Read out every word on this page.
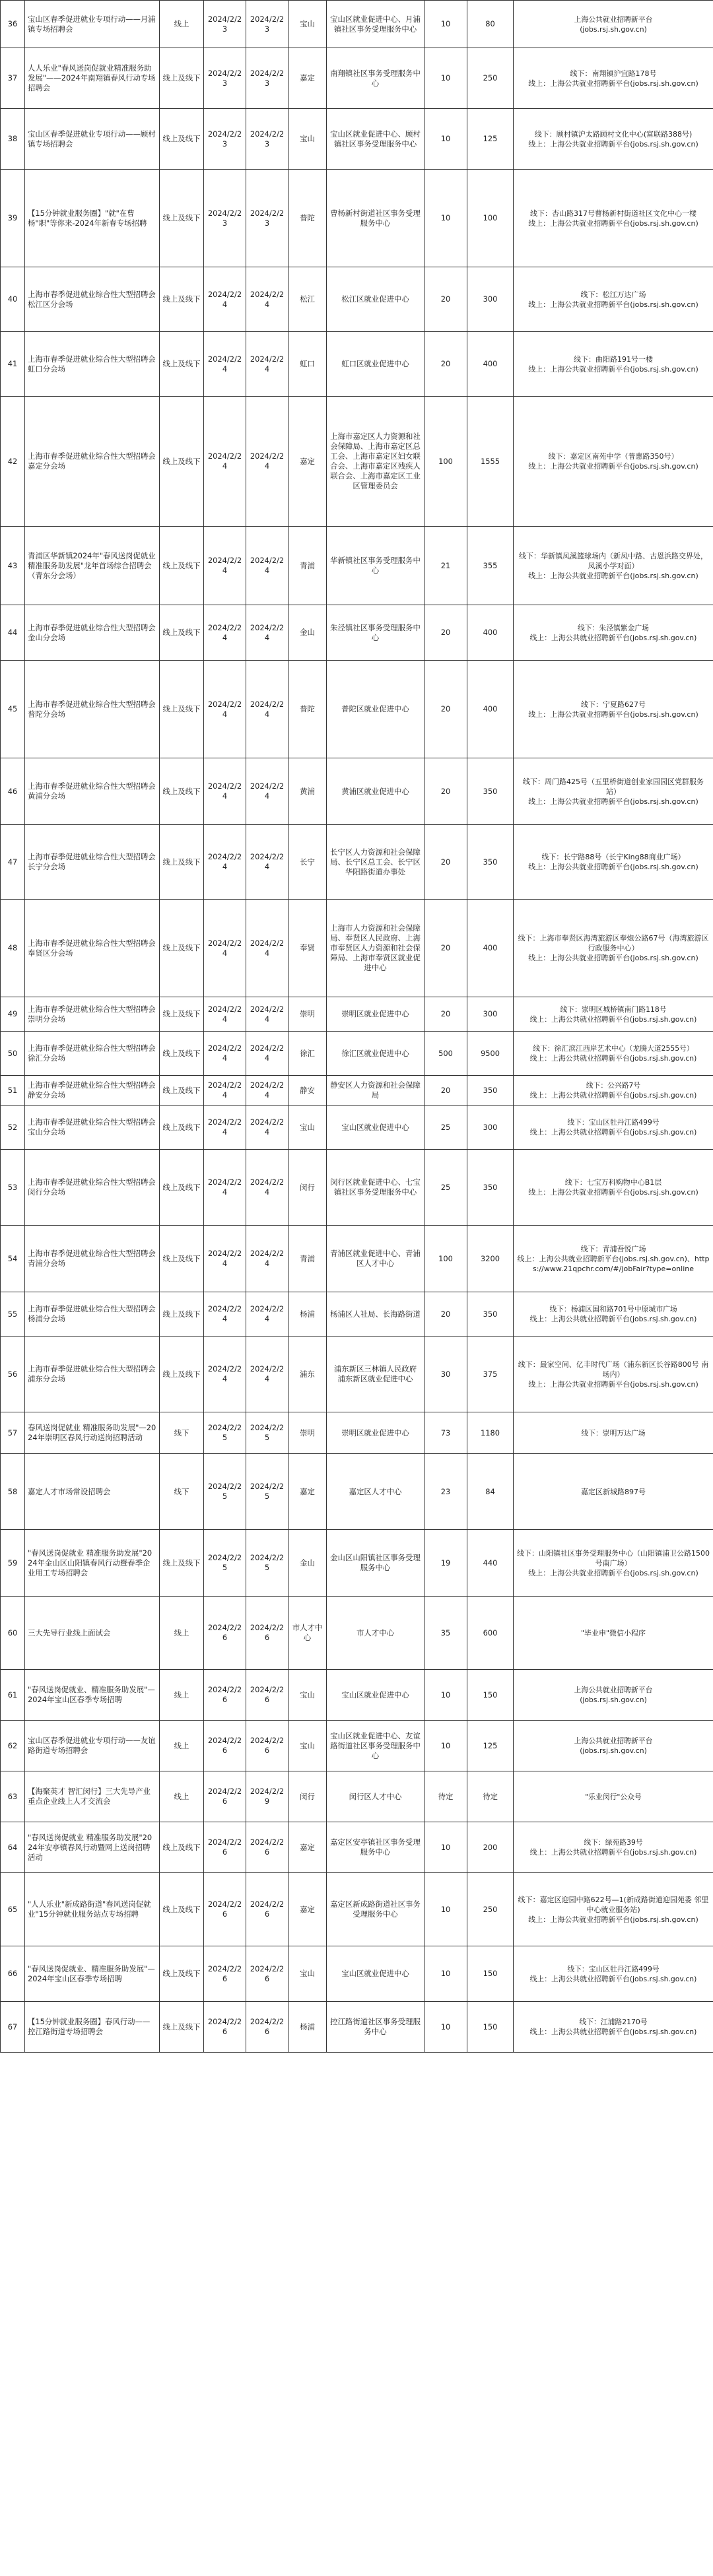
36	宝山区春季促进就业专项行动——月浦镇专场招聘会	线上	2024/2/23	2024/2/23	宝山	宝山区就业促进中心、月浦镇社区事务受理服务中心	10	80	上海公共就业招聘新平台
(jobs.rsj.sh.gov.cn)
37	人人乐业"春风送岗促就业精准服务助发展"——2024年南翔镇春风行动专场招聘会	线上及线下	2024/2/23	2024/2/23	嘉定	南翔镇社区事务受理服务中心	10	250	线下：南翔镇沪宜路178号
线上：上海公共就业招聘新平台(jobs.rsj.sh.gov.cn)
38	宝山区春季促进就业专项行动——顾村镇专场招聘会	线上及线下	2024/2/23	2024/2/23	宝山	宝山区就业促进中心、顾村镇社区事务受理服务中心	10	125	线下：顾村镇沪太路顾村文化中心(富联路388号)
线上：上海公共就业招聘新平台(jobs.rsj.sh.gov.cn)
39	【15分钟就业服务圈】"就"在曹杨"职"等你来-2024年新春专场招聘	线上及线下	2024/2/23	2024/2/23	普陀	曹杨新村街道社区事务受理服务中心	10	100	线下：杏山路317号曹杨新村街道社区文化中心一楼
线上：上海公共就业招聘新平台(jobs.rsj.sh.gov.cn)
40	上海市春季促进就业综合性大型招聘会松江区分会场	线上及线下	2024/2/24	2024/2/24	松江	松江区就业促进中心	20	300	线下：松江万达广场
线上：上海公共就业招聘新平台(jobs.rsj.sh.gov.cn)
41	上海市春季促进就业综合性大型招聘会虹口分会场	线上及线下	2024/2/24	2024/2/24	虹口	虹口区就业促进中心	20	400	线下：曲阳路191号一楼
线上：上海公共就业招聘新平台(jobs.rsj.sh.gov.cn)
42	上海市春季促进就业综合性大型招聘会嘉定分会场	线上及线下	2024/2/24	2024/2/24	嘉定	上海市嘉定区人力资源和社会保障局、上海市嘉定区总工会、上海市嘉定区妇女联合会、上海市嘉定区残疾人联合会、上海市嘉定区工业区管理委员会	100	1555	线下：嘉定区南苑中学（普惠路350号）
线上：上海公共就业招聘新平台(jobs.rsj.sh.gov.cn)
43	青浦区华新镇2024年"春风送岗促就业 精准服务助发展"龙年首场综合招聘会（青东分会场）	线上及线下	2024/2/24	2024/2/24	青浦	华新镇社区事务受理服务中心	21	355	线下：华新镇凤溪篮球场内（新凤中路、古恩浜路交界处，凤溪小学对面）
线上：上海公共就业招聘新平台(jobs.rsj.sh.gov.cn)
44	上海市春季促进就业综合性大型招聘会金山分会场	线上及线下	2024/2/24	2024/2/24	金山	朱泾镇社区事务受理服务中心	20	400	线下：朱泾镇紫金广场
线上：上海公共就业招聘新平台(jobs.rsj.sh.gov.cn)
45	上海市春季促进就业综合性大型招聘会普陀分会场	线上及线下	2024/2/24	2024/2/24	普陀	普陀区就业促进中心	20	400	线下：宁夏路627号
线上：上海公共就业招聘新平台(jobs.rsj.sh.gov.cn)
46	上海市春季促进就业综合性大型招聘会黄浦分会场	线上及线下	2024/2/24	2024/2/24	黄浦	黄浦区就业促进中心	20	350	线下：周门路425号（五里桥街道创业家园园区党群服务站）
线上：上海公共就业招聘新平台(jobs.rsj.sh.gov.cn)
47	上海市春季促进就业综合性大型招聘会长宁分会场	线上及线下	2024/2/24	2024/2/24	长宁	长宁区人力资源和社会保障局、长宁区总工会、长宁区华阳路街道办事处	20	350	线下：长宁路88号（长宁King88商业广场）
线上：上海公共就业招聘新平台(jobs.rsj.sh.gov.cn)
48	上海市春季促进就业综合性大型招聘会奉贤区分会场	线上及线下	2024/2/24	2024/2/24	奉贤	上海市人力资源和社会保障局、奉贤区人民政府、上海市奉贤区人力资源和社会保障局、上海市奉贤区就业促进中心	20	400	线下：上海市奉贤区海湾旅游区奉炮公路67号（海湾旅游区行政服务中心）
线上：上海公共就业招聘新平台(jobs.rsj.sh.gov.cn)
49	上海市春季促进就业综合性大型招聘会崇明分会场	线上及线下	2024/2/24	2024/2/24	崇明	崇明区就业促进中心	20	300	线下：崇明区城桥镇南门路118号
线上：上海公共就业招聘新平台(jobs.rsj.sh.gov.cn)
50	上海市春季促进就业综合性大型招聘会徐汇分会场	线上及线下	2024/2/24	2024/2/24	徐汇	徐汇区就业促进中心	500	9500	线下：徐汇滨江西岸艺术中心（龙腾大道2555号）
线上：上海公共就业招聘新平台(jobs.rsj.sh.gov.cn)
51	上海市春季促进就业综合性大型招聘会静安分会场	线上及线下	2024/2/24	2024/2/24	静安	静安区人力资源和社会保障局	20	350	线下：公兴路7号
线上：上海公共就业招聘新平台(jobs.rsj.sh.gov.cn)
52	上海市春季促进就业综合性大型招聘会宝山分会场	线上及线下	2024/2/24	2024/2/24	宝山	宝山区就业促进中心	25	300	线下：宝山区牡丹江路499号
线上：上海公共就业招聘新平台(jobs.rsj.sh.gov.cn)
53	上海市春季促进就业综合性大型招聘会闵行分会场	线上及线下	2024/2/24	2024/2/24	闵行	闵行区就业促进中心、七宝镇社区事务受理服务中心	25	350	线下：七宝万科购物中心B1层
线上：上海公共就业招聘新平台(jobs.rsj.sh.gov.cn)
54	上海市春季促进就业综合性大型招聘会青浦分会场	线上及线下	2024/2/24	2024/2/24	青浦	青浦区就业促进中心、青浦区人才中心	100	3200	线下：青浦吾悦广场
线上：上海公共就业招聘新平台(jobs.rsj.sh.gov.cn)、https://www.21qpchr.com/#/jobFair?type=online
55	上海市春季促进就业综合性大型招聘会杨浦分会场	线上及线下	2024/2/24	2024/2/24	杨浦	杨浦区人社局、长海路街道	20	350	线下：杨浦区国和路701号中原城市广场
线上：上海公共就业招聘新平台(jobs.rsj.sh.gov.cn)
56	上海市春季促进就业综合性大型招聘会浦东分会场	线上及线下	2024/2/24	2024/2/24	浦东	浦东新区三林镇人民政府 浦东新区就业促进中心	30	375	线下：最家空间、亿丰时代广场（浦东新区长谷路800号 南场内）
线上：上海公共就业招聘新平台(jobs.rsj.sh.gov.cn)
57	春风送岗促就业 精准服务助发展"—2024年崇明区春风行动送岗招聘活动	线下	2024/2/25	2024/2/25	崇明	崇明区就业促进中心	73	1180	线下：崇明万达广场
58	嘉定人才市场常设招聘会	线下	2024/2/25	2024/2/25	嘉定	嘉定区人才中心	23	84	嘉定区新城路897号
59	"春风送岗促就业 精准服务助发展"2024年金山区山阳镇春风行动暨春季企业用工专场招聘会	线上及线下	2024/2/25	2024/2/25	金山	金山区山阳镇社区事务受理服务中心	19	440	线下：山阳镇社区事务受理服务中心（山阳镇浦卫公路1500号南广场）
线上：上海公共就业招聘新平台(jobs.rsj.sh.gov.cn)
60	三大先导行业线上面试会	线上	2024/2/26	2024/2/26	市人才中心	市人才中心	35	600	"毕业申"微信小程序
61	"春风送岗促就业、精准服务助发展"—2024年宝山区春季专场招聘	线上	2024/2/26	2024/2/26	宝山	宝山区就业促进中心	10	150	上海公共就业招聘新平台
(jobs.rsj.sh.gov.cn)
62	宝山区春季促进就业专项行动——友谊路街道专场招聘会	线上	2024/2/26	2024/2/26	宝山	宝山区就业促进中心、友谊路街道社区事务受理服务中心	10	125	上海公共就业招聘新平台
(jobs.rsj.sh.gov.cn)
63	【海聚英才 智汇闵行】三大先导产业重点企业线上人才交流会	线上	2024/2/26	2024/2/29	闵行	闵行区人才中心	待定	待定	"乐业闵行"公众号
64	"春风送岗促就业 精准服务助发展"2024年安亭镇春风行动暨网上送岗招聘活动	线上及线下	2024/2/26	2024/2/26	嘉定	嘉定区安亭镇社区事务受理服务中心	10	200	线下：绿苑路39号
线上：上海公共就业招聘新平台(jobs.rsj.sh.gov.cn)
65	"人人乐业"新成路街道"春风送岗促就业"15分钟就业服务站点专场招聘	线上及线下	2024/2/26	2024/2/26	嘉定	嘉定区新成路街道社区事务受理服务中心	10	250	线下：嘉定区迎园中路622号—1(新成路街道迎园苑委 邻里中心就业服务站)
线上：上海公共就业招聘新平台(jobs.rsj.sh.gov.cn)
66	"春风送岗促就业、精准服务助发展"—2024年宝山区春季专场招聘	线上及线下	2024/2/26	2024/2/26	宝山	宝山区就业促进中心	10	150	线下：宝山区牡丹江路499号
线上：上海公共就业招聘新平台(jobs.rsj.sh.gov.cn)
67	【15分钟就业服务圈】春风行动——控江路街道专场招聘会	线上及线下	2024/2/26	2024/2/26	杨浦	控江路街道社区事务受理服务中心	10	150	线下：江浦路2170号
线上：上海公共就业招聘新平台(jobs.rsj.sh.gov.cn)
